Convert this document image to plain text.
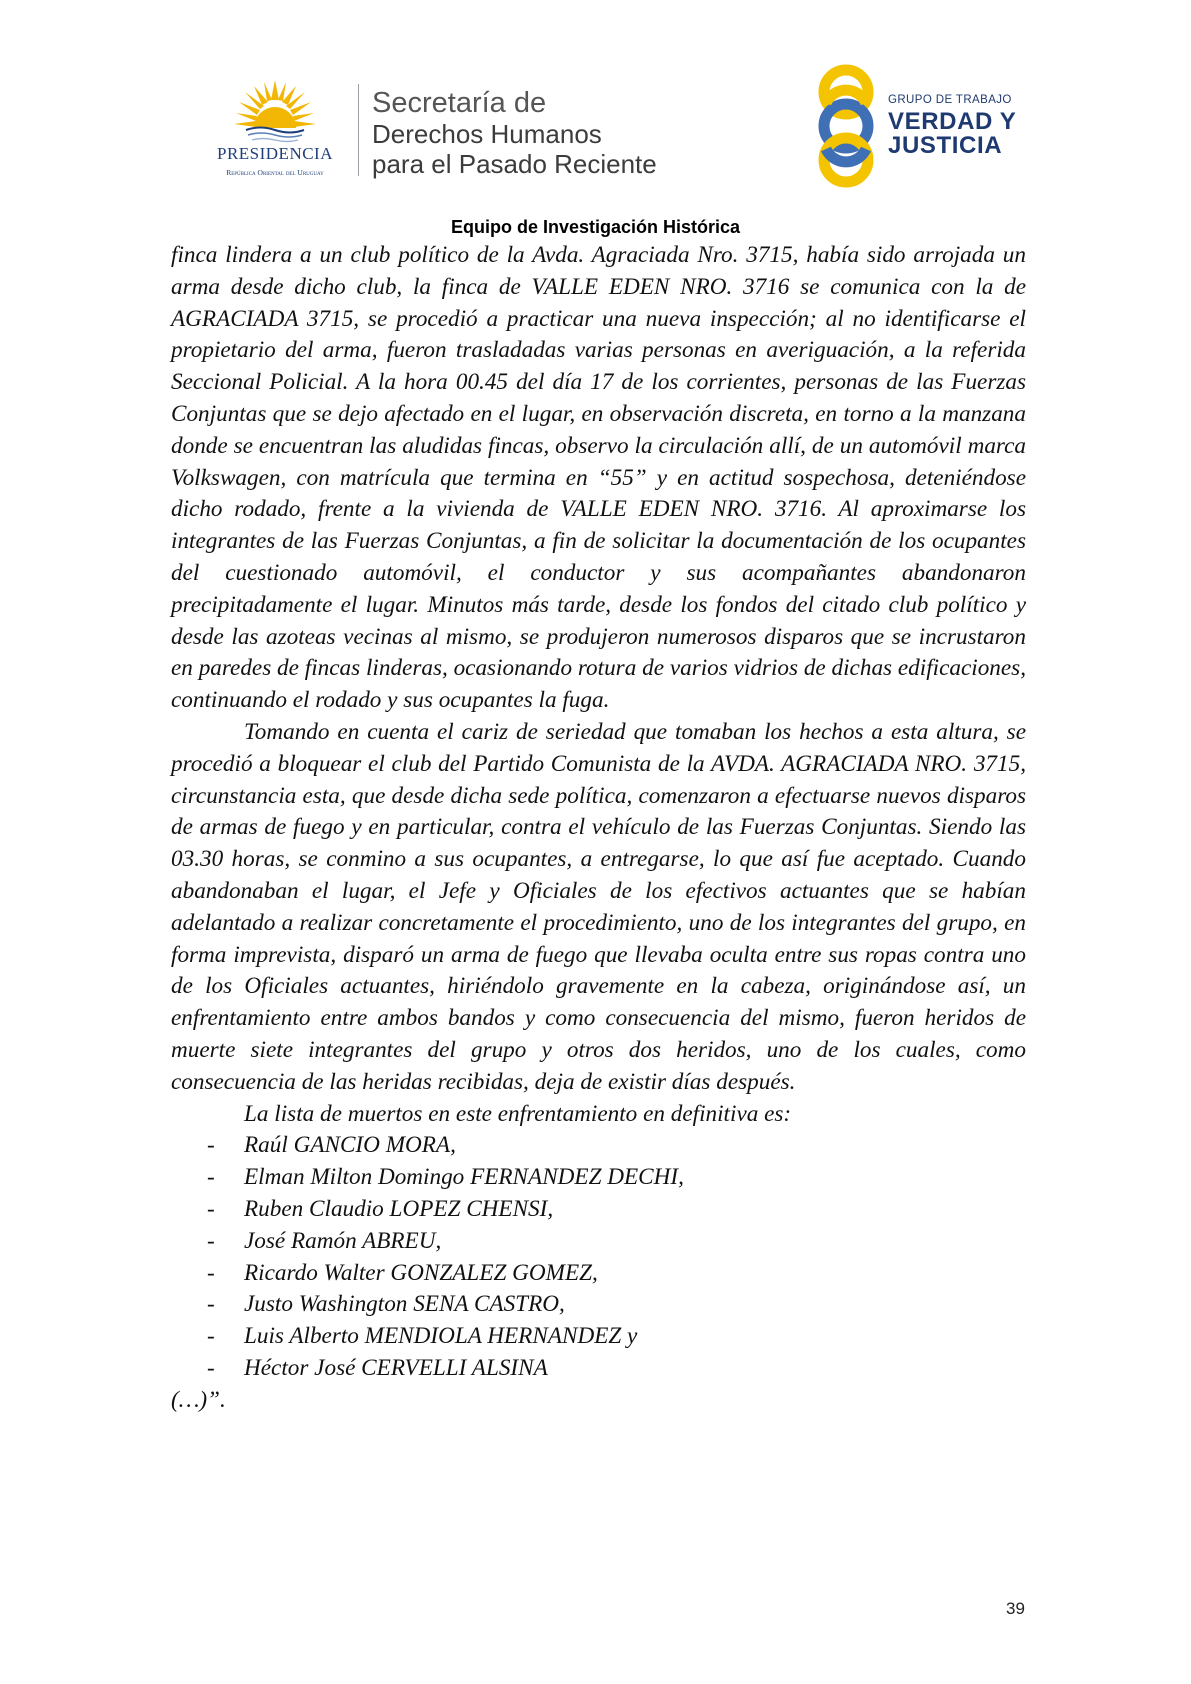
PRESIDENCIA
República Oriental del Uruguay
Secretaría de
Derechos Humanos
para el Pasado Reciente
GRUPO DE TRABAJO
VERDAD Y
JUSTICIA
Equipo de Investigación Histórica

finca lindera a un club político de la Avda. Agraciada Nro. 3715, había sido arrojada un arma desde dicho club, la finca de VALLE EDEN NRO. 3716 se comunica con la de AGRACIADA 3715, se procedió a practicar una nueva inspección; al no identificarse el propietario del arma, fueron trasladadas varias personas en averiguación, a la referida Seccional Policial. A la hora 00.45 del día 17 de los corrientes, personas de las Fuerzas Conjuntas que se dejo afectado en el lugar, en observación discreta, en torno a la manzana donde se encuentran las aludidas fincas, observo la circulación allí, de un automóvil marca Volkswagen, con matrícula que termina en “55” y en actitud sospechosa, deteniéndose dicho rodado, frente a la vivienda de VALLE EDEN NRO. 3716. Al aproximarse los integrantes de las Fuerzas Conjuntas, a fin de solicitar la documentación de los ocupantes del cuestionado automóvil, el conductor y sus acompañantes abandonaron precipitadamente el lugar. Minutos más tarde, desde los fondos del citado club político y desde las azoteas vecinas al mismo, se produjeron numerosos disparos que se incrustaron en paredes de fincas linderas, ocasionando rotura de varios vidrios de dichas edificaciones, continuando el rodado y sus ocupantes la fuga.

Tomando en cuenta el cariz de seriedad que tomaban los hechos a esta altura, se procedió a bloquear el club del Partido Comunista de la AVDA. AGRACIADA NRO. 3715, circunstancia esta, que desde dicha sede política, comenzaron a efectuarse nuevos disparos de armas de fuego y en particular, contra el vehículo de las Fuerzas Conjuntas. Siendo las 03.30 horas, se conmino a sus ocupantes, a entregarse, lo que así fue aceptado. Cuando abandonaban el lugar, el Jefe y Oficiales de los efectivos actuantes que se habían adelantado a realizar concretamente el procedimiento, uno de los integrantes del grupo, en forma imprevista, disparó un arma de fuego que llevaba oculta entre sus ropas contra uno de los Oficiales actuantes, hiriéndolo gravemente en la cabeza, originándose así, un enfrentamiento entre ambos bandos y como consecuencia del mismo, fueron heridos de muerte siete integrantes del grupo y otros dos heridos, uno de los cuales, como consecuencia de las heridas recibidas, deja de existir días después.

La lista de muertos en este enfrentamiento en definitiva es:

- Raúl GANCIO MORA,
- Elman Milton Domingo FERNANDEZ DECHI,
- Ruben Claudio LOPEZ CHENSI,
- José Ramón ABREU,
- Ricardo Walter GONZALEZ GOMEZ,
- Justo Washington SENA CASTRO,
- Luis Alberto MENDIOLA HERNANDEZ y
- Héctor José CERVELLI ALSINA

(…)”.

39
